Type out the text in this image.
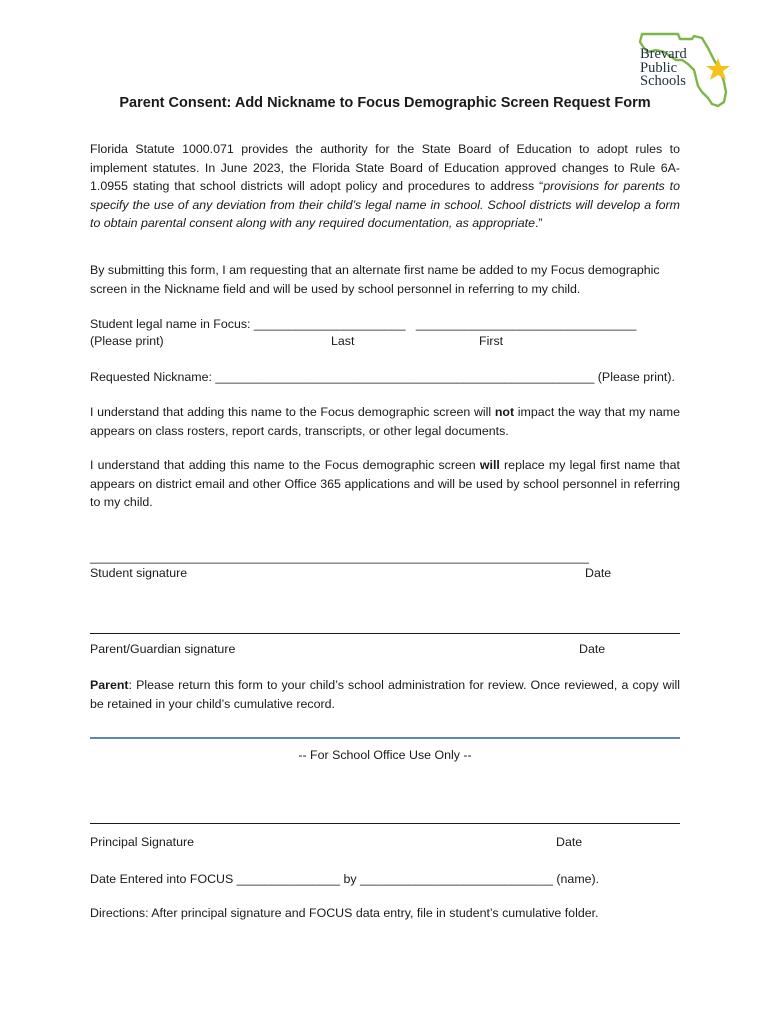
Brevard
Public
Schools
Parent Consent: Add Nickname to Focus Demographic Screen Request Form
Florida Statute 1000.071 provides the authority for the State Board of Education to adopt rules to implement statutes. In June 2023, the Florida State Board of Education approved changes to Rule 6A-1.0955 stating that school districts will adopt policy and procedures to address “provisions for parents to specify the use of any deviation from their child’s legal name in school. School districts will develop a form to obtain parental consent along with any required documentation, as appropriate.”
By submitting this form, I am requesting that an alternate first name be added to my Focus demographic screen in the Nickname field and will be used by school personnel in referring to my child.
Student legal name in Focus: ______________________   ________________________________
(Please print)	Last	First
Requested Nickname: _______________________________________________________ (Please print).
I understand that adding this name to the Focus demographic screen will not impact the way that my name appears on class rosters, report cards, transcripts, or other legal documents.
I understand that adding this name to the Focus demographic screen will replace my legal first name that appears on district email and other Office 365 applications and will be used by school personnel in referring to my child.
______________________________________________________________________________
Student signature	Date
Parent/Guardian signature	Date
Parent: Please return this form to your child’s school administration for review. Once reviewed, a copy will be retained in your child’s cumulative record.
-- For School Office Use Only --
Principal Signature	Date
Date Entered into FOCUS _______________ by ____________________________ (name).
Directions: After principal signature and FOCUS data entry, file in student’s cumulative folder.
